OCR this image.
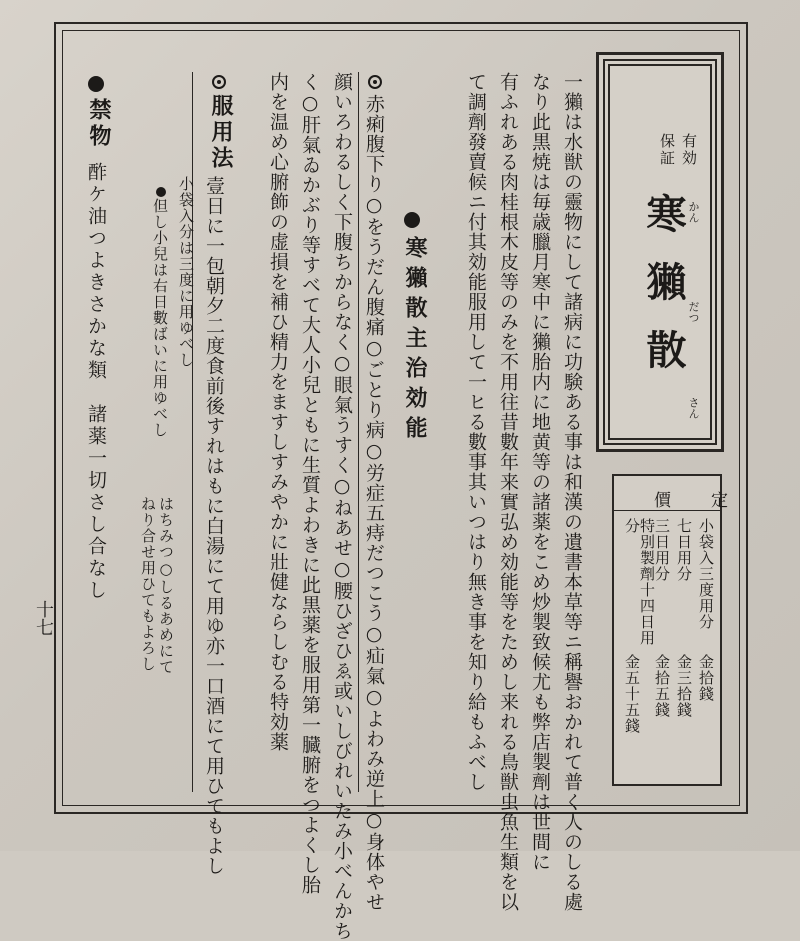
有効
保証
寒獺散 かん
だつ
さん
價定
小袋入三度用分
金拾錢
七日用分
金三拾錢
三日用分
金拾五錢
特別製劑十四日用分
金五十五錢
一獺は水獣の靈物にして諸病に功験ある事は和漢の遺書本草等ニ稱譽おかれて普く人のしる處
なり此黒焼は毎歳臘月寒中に獺胎内に地黄等の諸薬をこめ炒製致候尤も弊店製劑は世間に
有ふれある肉桂根木皮等のみを不用往昔數年来實弘め効能等をためし来れる鳥獣虫魚生類を以
て調劑發賣候ニ付其効能服用して一ヒる數事其いつはり無き事を知り給もふべし
寒獺散主治効能
赤痢腹下り○をうだん腹痛○ごとり病○労症五痔だつこう○疝氣○よわみ逆上○身体やせ
顔いろわるしく下腹ちからなく○眼氣うすく○ねあせ○腰ひざひゑ或いしびれいたみ小べんかち
く○肝氣ゐかぶり等すべて大人小兒ともに生質よわきに此黒薬を服用第一臓腑をつよくし胎
内を温め心腑飾の虚損を補ひ精力をますしすみやかに壯健ならしむる特効薬
服用法
壹日に一包朝夕二度食前後すれはもに白湯にて用ゆ亦一口酒にて用ひてもよし
小袋入分は三度に用ゆべし
但し小兒は右日數ばいに用ゆべし
禁物
酢ケ油つよきさかな類　諸薬一切さし合なし	はちみつ○しるあめにて
ねり合せ用ひてもよろし
十七
